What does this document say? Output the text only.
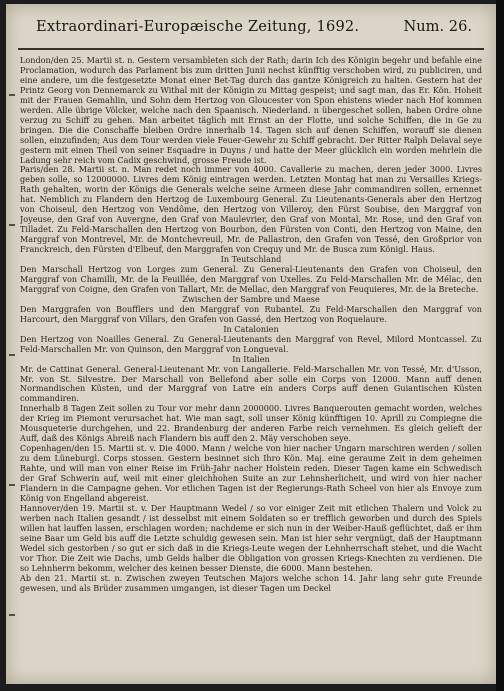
Extraordinari-Europæische Zeitung, 1692.	Num. 26.

London/den 25. Martii st. n. Gestern versambleten sich der Rath; darin Ich des Königin begehr und befahle eine Proclamation, wodurch das Parlament bis zum dritten Junii nechst künfftig verschoben wird, zu publiciren, und eine andere, um die festgesetzte Monat einer Bet-Tag durch das gantze Königreich zu halten. Gestern hat der Printz Georg von Dennemarck zu Withal mit der Königin zu Mittag gespeist; und sagt man, das Er. Kön. Hoheit mit der Frauen Gemahlin, und Sohn dem Hertzog von Gloucester von Spon ehistens wieder nach Hof kommen werden. Alle übrige Völcker, welche nach den Spaanisch. Niederland. n übergeschet sollen, haben Ordre ohne verzug zu Schiff zu gehen. Man arbeitet täglich mit Ernst an der Flotte, und solche Schiffen, die in Ge zu bringen. Die die Conschaffe bleiben Ordre innerhalb 14. Tagen sich auf denen Schiffen, worauff sie dienen sollen, einzufinden; Aus dem Tour werden viele Feuer-Gewehr zu Schiff gebracht. Der Ritter Ralph Delaval seye gestern mit einen Theil von seiner Esquadre in Duyns / und hatte der Meer glücklich ein worden mehrlein die Ladung sehr reich vom Cadix geschwind, grosse Freude ist.

Paris/den 28. Martii st. n. Man redet noch immer von 4000. Cavallerie zu machen, deren jeder 3000. Livres geben solle, so 12000000. Livres dem König eintragen werden. Letzten Montag hat man zu Versailles Kriegs-Rath gehalten, worin der Königs die Generals welche seine Armeen diese Jahr commandiren sollen, ernennet hat. Nemblich zu Flandern den Hertzog de Luxembourg General. Zu Lieutenants-Generals aber den Hertzog von Choiseul, den Hertzog von Vendôme, den Hertzog von Villeroy, den Fürst Soubise, den Marggraf von Joyeuse, den Graf von Auvergne, den Graf von Maulevrier, den Graf von Montal, Mr. Rose, und den Graf von Tilladet. Zu Feld-Marschallen den Hertzog von Bourbon, den Fürsten von Conti, den Hertzog von Maine, den Marggraf von Montrevel, Mr. de Montchevreuil, Mr. de Pallastron, den Grafen von Tessé, den Großprior von Franckreich, den Fürsten d'Elbeuf, den Marggrafen von Crequy und Mr. de Busca zum Königl. Haus.

In Teutschland

Den Marschall Hertzog von Lorges zum General. Zu General-Lieutenants den Grafen von Choiseul, den Marggraf von Chamilli, Mr. de la Feuillée, den Marggraf von Uxelles. Zu Feld-Marschallen Mr. de Mélac, den Marggraf von Coigne, den Grafen von Tallart, Mr. de Mellac, den Marggraf von Feuquieres, Mr. de la Breteche.

Zwischen der Sambre und Maese

Den Marggrafen von Boufflers und den Marggraf von Rubantel. Zu Feld-Marschallen den Marggraf von Harcourt, den Marggraf von Villars, den Grafen von Gassé, den Hertzog von Roquelaure.

In Catalonien

Den Hertzog von Noailles General. Zu General-Lieutenants den Marggraf von Revel, Milord Montcassel. Zu Feld-Marschallen Mr. von Quinson, den Marggraf von Longueval.

In Italien

Mr. de Cattinat General. General-Lieutenant Mr. von Langallerie. Feld-Marschallen Mr. von Tessé, Mr. d'Usson, Mr. von St. Silvestre. Der Marschall von Bellefond aber solle ein Corps von 12000. Mann auff denen Normandischen Küsten, und der Marggraf von Latre ein anders Corps auff denen Guiantischen Küsten commandiren.

Innerhalb 8 Tagen Zeit sollen zu Tour vor mehr dann 2000000. Livres Banquerouten gemacht worden, welches der Krieg im Piemont verursachet hat. Wie man sagt, soll unser König künfftigen 10. Aprill zu Compiegne die Mousqueterie durchgehen, und 22. Brandenburg der anderen Farbe reich vernehmen. Es gleich gelieft der Auff, daß des Königs Abreiß nach Flandern bis auff den 2. Mäy verschoben seye.

Copenhagen/den 15. Martii st. v. Die 4000. Mann / welche von hier nacher Ungarn marschiren werden / sollen zu dem Lüneburgl. Corps stossen. Gestern besinnet sich Ihro Kön. Maj. eine geraume Zeit in dem geheimen Rahte, und will man von einer Reise im Früh-Jahr nacher Holstein reden. Dieser Tagen kame ein Schwedisch der Graf Schwerin auf, weil mit einer gleichhohen Suite an zur Lehnsherlicheit, und wird von hier nacher Flandern in die Campagne gehen. Vor etlichen Tagen ist der Regierungs-Rath Scheel von hier als Envoye zum König von Engelland abgereist.

Hannover/den 19. Martii st. v. Der Hauptmann Wedel / so vor einiger Zeit mit etlichen Thalern und Volck zu werben nach Italien gesandt / ist desselbst mit einem Soldaten so er trefflich geworben und durch des Spiels willen hat lauffen lassen, erschlagen worden; nachdeme er sich nun in der Weiber-Hauß geflüchtet, daß er ihm seine Baar um Geld bis auff die Letzte schuldig gewesen sein. Man ist hier sehr vergnügt, daß der Hauptmann Wedel sich gestorben / so gut er sich daß in die Kriegs-Leute wegen der Lehnherrschaft stehet, und die Wacht vor Thor. Die Zeit wie Dachs, umb Gelds halber die Obligation von grossen Kriegs-Knechten zu verdienen. Die so Lehnherrn bekomm, welcher des keinen besser Dienste, die 6000. Mann bestehen.

Ab den 21. Martii st. n. Zwischen zweyen Teutschen Majors welche schon 14. Jahr lang sehr gute Freunde gewesen, und als Brüder zusammen umgangen, ist dieser Tagen um Deckel
